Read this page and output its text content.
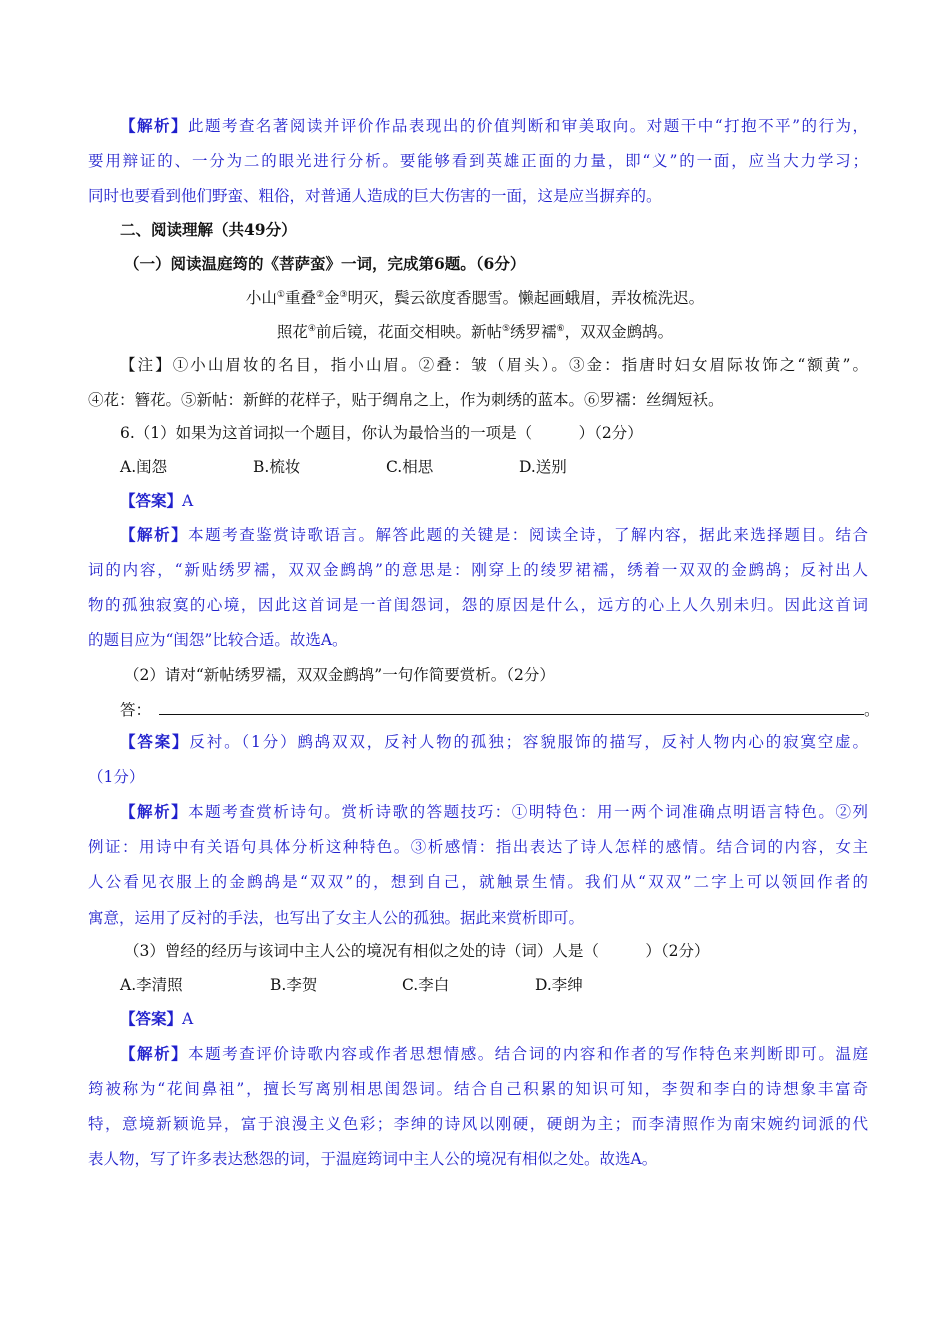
【解析】此题考查名著阅读并评价作品表现出的价值判断和审美取向。对题干中“打抱不平”的行为，
要用辩证的、一分为二的眼光进行分析。要能够看到英雄正面的力量，即“义”的一面，应当大力学习；
同时也要看到他们野蛮、粗俗，对普通人造成的巨大伤害的一面，这是应当摒弃的。
二、阅读理解（共49分）
（一）阅读温庭筠的《菩萨蛮》一词，完成第6题。（6分）
小山①重叠②金③明灭，鬓云欲度香腮雪。懒起画蛾眉，弄妆梳洗迟。
照花④前后镜，花面交相映。新帖⑤绣罗襦⑥，双双金鹧鸪。
【注】①小山眉妆的名目，指小山眉。②叠：皱（眉头）。③金：指唐时妇女眉际妆饰之“额黄”。
④花：簪花。⑤新帖：新鲜的花样子，贴于绸帛之上，作为刺绣的蓝本。⑥罗襦：丝绸短袄。
6.（1）如果为这首词拟一个题目，你认为最恰当的一项是（　　　）（2分）
A.闺怨	B.梳妆	C.相思	D.送别
【答案】A
【解析】本题考查鉴赏诗歌语言。解答此题的关键是：阅读全诗，了解内容，据此来选择题目。结合
词的内容，“新贴绣罗襦，双双金鹧鸪”的意思是：刚穿上的绫罗裙襦，绣着一双双的金鹧鸪；反衬出人
物的孤独寂寞的心境，因此这首词是一首闺怨词，怨的原因是什么，远方的心上人久别未归。因此这首词
的题目应为“闺怨”比较合适。故选A。
（2）请对“新帖绣罗襦，双双金鹧鸪”一句作简要赏析。（2分）
答：	。
【答案】反衬。（1分）鹧鸪双双，反衬人物的孤独；容貌服饰的描写，反衬人物内心的寂寞空虚。
（1分）
【解析】本题考查赏析诗句。赏析诗歌的答题技巧：①明特色：用一两个词准确点明语言特色。②列
例证：用诗中有关语句具体分析这种特色。③析感情：指出表达了诗人怎样的感情。结合词的内容，女主
人公看见衣服上的金鹧鸪是“双双”的，想到自己，就触景生情。我们从“双双”二字上可以领回作者的
寓意，运用了反衬的手法，也写出了女主人公的孤独。据此来赏析即可。
（3）曾经的经历与该词中主人公的境况有相似之处的诗（词）人是（　　　）（2分）
A.李清照	B.李贺	C.李白	D.李绅
【答案】A
【解析】本题考查评价诗歌内容或作者思想情感。结合词的内容和作者的写作特色来判断即可。温庭
筠被称为“花间鼻祖”，擅长写离别相思闺怨词。结合自己积累的知识可知，李贺和李白的诗想象丰富奇
特，意境新颖诡异，富于浪漫主义色彩；李绅的诗风以刚硬，硬朗为主；而李清照作为南宋婉约词派的代
表人物，写了许多表达愁怨的词，于温庭筠词中主人公的境况有相似之处。故选A。
